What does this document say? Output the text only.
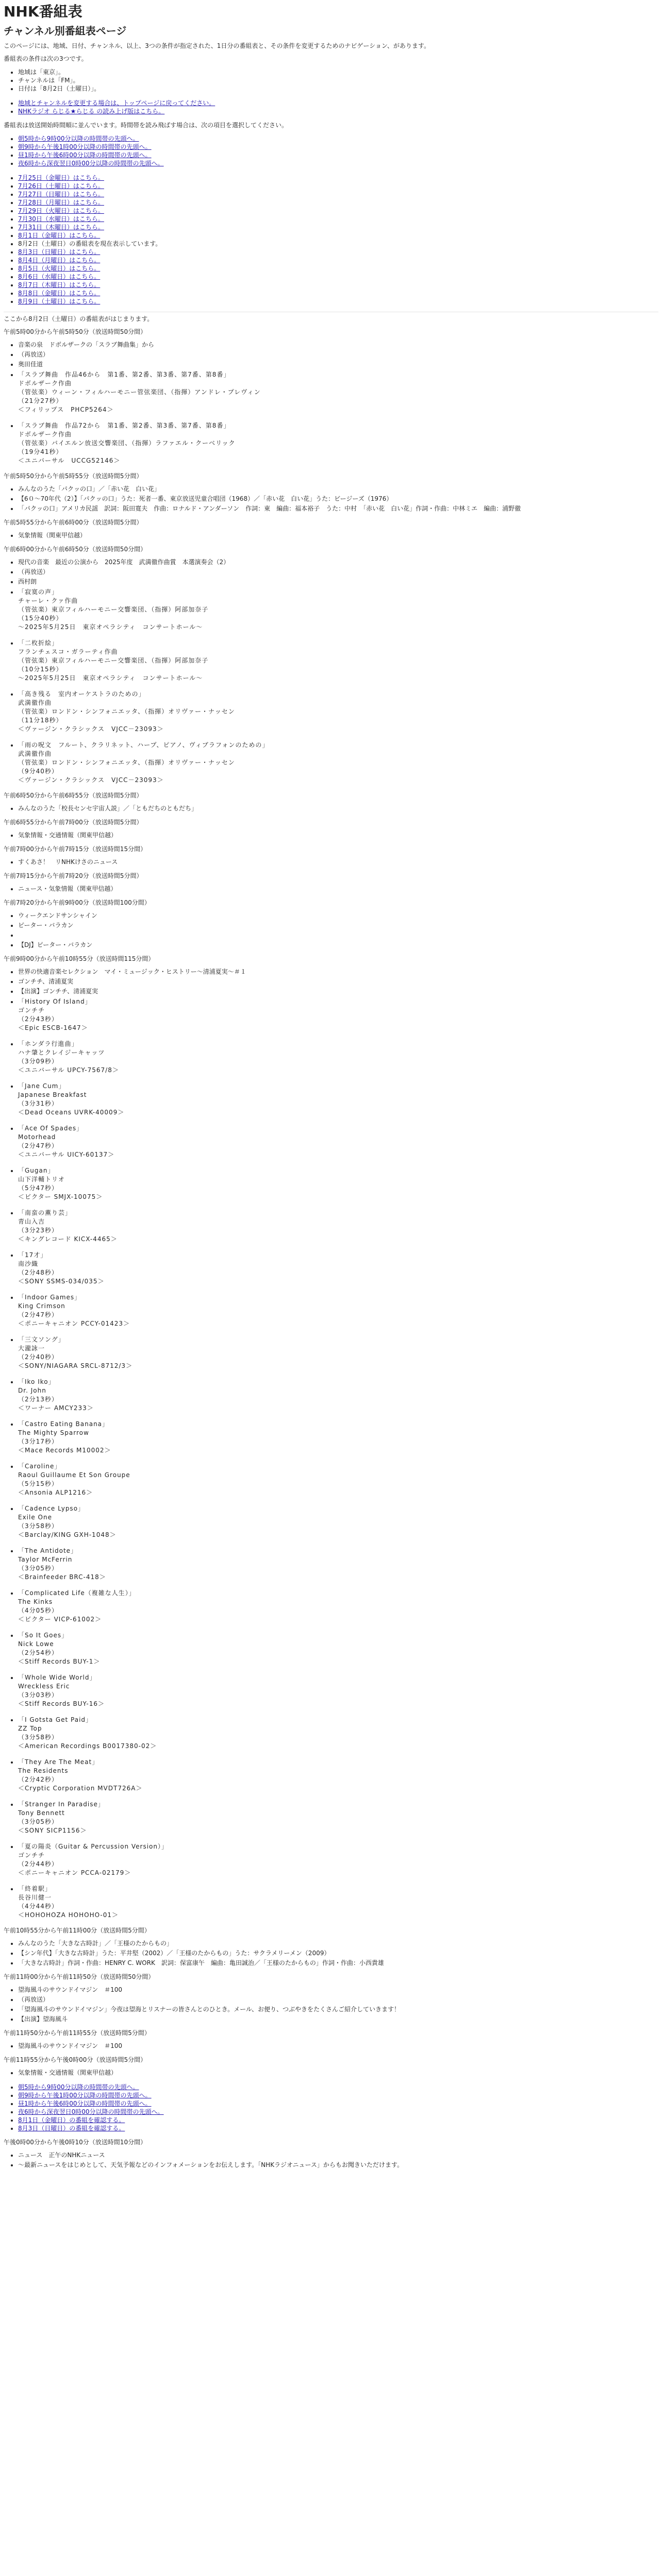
NHK番組表
チャンネル別番組表ページ

このページには、地域、日付、チャンネル、以上、3つの条件が指定された、1日分の番組表と、その条件を変更するためのナビゲーション、があります。

番組表の条件は次の3つです。

• 地域は「東京」。
• チャンネルは「FM」。
• 日付は「8月2日（土曜日）」。
• 地域とチャンネルを変更する場合は、トップページに戻ってください。
• NHKラジオ らじる★らじる の読み上げ版はこちら。

番組表は放送開始時間順に並んでいます。時間帯を読み飛ばす場合は、次の項目を選択してください。

• 朝5時から9時00分以降の時間帯の先頭へ。
• 朝9時から午後1時00分以降の時間帯の先頭へ。
• 昼1時から午後6時00分以降の時間帯の先頭へ。
• 夜6時から深夜翌日0時00分以降の時間帯の先頭へ。
• 7月25日（金曜日）はこちら。
• 7月26日（土曜日）はこちら。
• 7月27日（日曜日）はこちら。
• 7月28日（月曜日）はこちら。
• 7月29日（火曜日）はこちら。
• 7月30日（水曜日）はこちら。
• 7月31日（木曜日）はこちら。
• 8月1日（金曜日）はこちら。
• 8月2日（土曜日）の番組表を現在表示しています。
• 8月3日（日曜日）はこちら。
• 8月4日（月曜日）はこちら。
• 8月5日（火曜日）はこちら。
• 8月6日（水曜日）はこちら。
• 8月7日（木曜日）はこちら。
• 8月8日（金曜日）はこちら。
• 8月9日（土曜日）はこちら。

ここから8月2日（土曜日）の番組表がはじまります。

午前5時00分から午前5時50分（放送時間50分間）

• 音楽の泉　ドボルザークの「スラブ舞曲集」から
• （再放送）
• 奥田佳道
• 「スラブ舞曲　作品46から　第1番、第2番、第3番、第7番、第8番」
ドボルザーク作曲
（管弦楽）ウィーン・フィルハーモニー管弦楽団、（指揮）アンドレ・プレヴィン
（21分27秒）
＜フィリップス　PHCP5264＞
• 「スラブ舞曲　作品72から　第1番、第2番、第3番、第7番、第8番」
ドボルザーク作曲
（管弦楽）バイエルン放送交響楽団、（指揮）ラファエル・クーベリック
（19分41秒）
＜ユニバーサル　UCCG52146＞

午前5時50分から午前5時55分（放送時間5分間）

• みんなのうた「パクッの口」／「赤い花　白い花」
• 【6０～70年代（2）】「パクッの口」うた：死者一番、東京放送児童合唱団（1968）／「赤い花　白い花」うた：ビージーズ（1976）
• 「パクッの口」アメリカ民謡　訳詞：阪田寛夫　作曲：ロナルド・アンダーソン　作詞：東　編曲：福本裕子　うた：中村　「赤い花　白い花」作詞・作曲：中林ミエ　編曲：浦野徹

午前5時55分から午前6時00分（放送時間5分間）

• 気象情報（関東甲信越）

午前6時00分から午前6時50分（放送時間50分間）

• 現代の音楽　最近の公演から　2025年度　武満徹作曲賞　本選演奏会（2）
• （再放送）
• 西村朗
• 「寂寞の声」
チャーレ・クァ作曲
（管弦楽）東京フィルハーモニー交響楽団、（指揮）阿部加奈子
（15分40秒）
～2025年5月25日　東京オペラシティ　コンサートホール～
• 「二枚折絵」
フランチェスコ・ガラーティ作曲
（管弦楽）東京フィルハーモニー交響楽団、（指揮）阿部加奈子
（10分15秒）
～2025年5月25日　東京オペラシティ　コンサートホール～
• 「高き残る　室内オーケストラのための」
武満徹作曲
（管弦楽）ロンドン・シンフォニエッタ、（指揮）オリヴァー・ナッセン
（11分18秒）
＜ヴァージン・クラシックス　VJCC－23093＞
• 「雨の呪文　フルート、クラリネット、ハープ、ピアノ、ヴィブラフォンのための」
武満徹作曲
（管弦楽）ロンドン・シンフォニエッタ、（指揮）オリヴァー・ナッセン
（9分40秒）
＜ヴァージン・クラシックス　VJCC－23093＞

午前6時50分から午前6時55分（放送時間5分間）

• みんなのうた「校長センセ宇宙人説」／「ともだちのともだち」

午前6時55分から午前7時00分（放送時間5分間）

• 気象情報・交通情報（関東甲信越）

午前7時00分から午前7時15分（放送時間15分間）

• すくあさ！　リNHKけさのニュース

午前7時15分から午前7時20分（放送時間5分間）

• ニュース・気象情報（関東甲信越）

午前7時20分から午前9時00分（放送時間100分間）

• ウィークエンドサンシャイン
• ピーター・バラカン
•
• 【DJ】ピーター・バラカン

午前9時00分から午前10時55分（放送時間115分間）

• 世界の快適音楽セレクション　マイ・ミュージック・ヒストリー〜清浦夏実〜＃１
• ゴンチチ、清浦夏実
• 【出演】ゴンチチ、清浦夏実
• 「History Of Island」
ゴンチチ
（2分43秒）
＜Epic ESCB-1647＞
• 「ホンダラ行進曲」
ハナ肇とクレイジーキャッツ
（3分09秒）
＜ユニバーサル UPCY-7567/8＞
• 「Jane Cum」
Japanese Breakfast
（3分31秒）
＜Dead Oceans UVRK-40009＞
• 「Ace Of Spades」
Motorhead
（2分47秒）
＜ユニバーサル UICY-60137＞
• 「Gugan」
山下洋輔トリオ
（5分47秒）
＜ビクター SMJX-10075＞
• 「南蛮の薫り芸」
青山入吉
（3分23秒）
＜キングレコード KICX-4465＞
• 「17才」
南沙織
（2分48秒）
＜SONY SSMS-034/035＞
• 「Indoor Games」
King Crimson
（2分47秒）
＜ポニーキャニオン PCCY-01423＞
• 「三文ソング」
大瀧詠一
（2分40秒）
＜SONY/NIAGARA SRCL-8712/3＞
• 「Iko Iko」
Dr. John
（2分13秒）
＜ワーナー AMCY233＞
• 「Castro Eating Banana」
The Mighty Sparrow
（3分17秒）
＜Mace Records M10002＞
• 「Caroline」
Raoul Guillaume Et Son Groupe
（5分15秒）
＜Ansonia ALP1216＞
• 「Cadence Lypso」
Exile One
（3分58秒）
＜Barclay/KING GXH-1048＞
• 「The Antidote」
Taylor McFerrin
（3分05秒）
＜Brainfeeder BRC-418＞
• 「Complicated Life（複雑な人生）」
The Kinks
（4分05秒）
＜ビクター VICP-61002＞
• 「So It Goes」
Nick Lowe
（2分54秒）
＜Stiff Records BUY-1＞
• 「Whole Wide World」
Wreckless Eric
（3分03秒）
＜Stiff Records BUY-16＞
• 「I Gotsta Get Paid」
ZZ Top
（3分58秒）
＜American Recordings B0017380-02＞
• 「They Are The Meat」
The Residents
（2分42秒）
＜Cryptic Corporation MVDT726A＞
• 「Stranger In Paradise」
Tony Bennett
（3分05秒）
＜SONY SICP1156＞
• 「夏の陽炎（Guitar & Percussion Version）」
ゴンチチ
（2分44秒）
＜ポニーキャニオン PCCA-02179＞
• 「終着駅」
長谷川健一
（4分44秒）
＜HOHOHOZA HOHOHO-01＞

午前10時55分から午前11時00分（放送時間5分間）

• みんなのうた「大きな古時計」／「王様のたからもの」
• 【シン年代】「大きな古時計」うた：平井堅（2002）／「王様のたからもの」うた：サクラメリーメン（2009）
• 「大きな古時計」作詞・作曲：HENRY C. WORK　訳詞：保富康午　編曲：亀田誠治／「王様のたからもの」作詞・作曲：小西貴雄

午前11時00分から午前11時50分（放送時間50分間）

• 望海風斗のサウンドイマジン　＃100
• （再放送）
• 「望海風斗のサウンドイマジン」今夜は望海とリスナーの皆さんとのひとき。メール、お便り、つぶやきをたくさんご紹介していきます！
• 【出演】望海風斗

午前11時50分から午前11時55分（放送時間5分間）

• 望海風斗のサウンドイマジン　＃100

午前11時55分から午後0時00分（放送時間5分間）

• 気象情報・交通情報（関東甲信越）
• 朝5時から9時00分以降の時間帯の先頭へ。
• 朝9時から午後1時00分以降の時間帯の先頭へ。
• 昼1時から午後6時00分以降の時間帯の先頭へ。
• 夜6時から深夜翌日0時00分以降の時間帯の先頭へ。
• 8月1日（金曜日）の番組を確認する。
• 8月3日（日曜日）の番組を確認する。

午後0時00分から午後0時10分（放送時間10分間）

• ニュース　正午のNHKニュース
• ～最新ニュースをはじめとして、天気予報などのインフォメーションをお伝えします。「NHKラジオニュース」からもお聞きいただけます。
